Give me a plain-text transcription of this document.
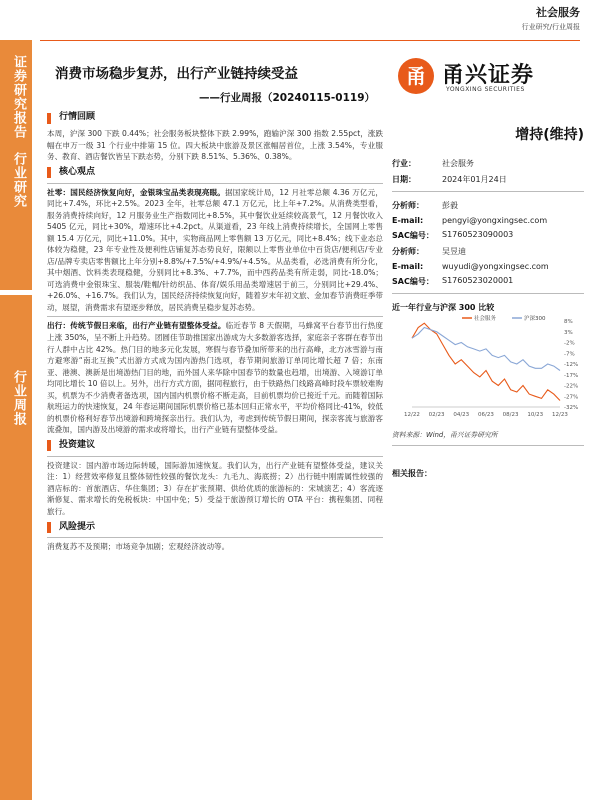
社会服务
行业研究/行业周报
证券研究报告
行业研究
行业周报
消费市场稳步复苏，出行产业链持续受益
——行业周报（20240115-0119）
甬 甬兴证券
YONGXING SECURITIES
行情回顾
本周，沪深 300 下跌 0.44%；社会服务板块整体下跌 2.99%，跑输沪深 300 指数 2.55pct，涨跌幅在申万一级 31 个行业中排第 15 位。四大板块中旅游及景区涨幅居首位，上涨 3.54%，专业服务、教育、酒店餐饮皆呈下跌态势，分别下跌 8.51%、5.36%、0.38%。
核心观点
社零：国民经济恢复向好，金银珠宝品类表现亮眼。据国家统计局，12 月社零总额 4.36 万亿元，同比+7.4%，环比+2.5%。2023 全年，社零总额 47.1 万亿元，比上年+7.2%。从消费类型看，服务消费持续向好，12 月服务业生产指数同比+8.5%，其中餐饮业延续较高景气，12 月餐饮收入 5405 亿元，同比+30%，增速环比+4.2pct。从渠道看，23 年线上消费持续增长，全国网上零售额 15.4 万亿元，同比+11.0%。其中，实物商品网上零售额 13 万亿元，同比+8.4%；线下业态总体较为稳健，23 年专业性及便利性店铺复苏态势良好，限额以上零售业单位中百货店/便利店/专业店/品牌专卖店零售额比上年分别+8.8%/+7.5%/+4.9%/+4.5%。从品类看，必选消费有所分化，其中烟酒、饮料类表现稳健，分别同比+8.3%、+7.7%，而中西药品类有所走弱，同比-18.0%；可选消费中金银珠宝、服装/鞋帽/针纺织品、体育/娱乐用品类增速居于前三，分别同比+29.4%、+26.0%、+16.7%。我们认为，国民经济持续恢复向好，随着岁末年初文旅、金加春节消费旺季带动，展望，消费需求有望逐步释放，居民消费呈稳步复苏态势。
出行：传统节假日来临，出行产业链有望整体受益。临近春节 8 天假期，马蜂窝平台春节出行热度上涨 350%，呈不断上升趋势。团圆佳节助推国家出游成为大多数游客选择，家庭亲子客群在春节出行人群中占比 42%。热门目的地多元化发展，寒假与春节叠加所带来的出行高峰，北方冰雪游与南方避寒游“南北互换”式出游方式成为国内游热门选项，春节期间旅游订单同比增长超 7 倍；东南亚、港澳、澳新是出境游热门目的地，而外国人来华除中国春节的数量也趋增，出境游、入境游订单均同比增长 10 倍以上。另外，出行方式方面，据同程旅行，由于铁路热门线路高峰时段车票较难购买，机票为不少消费者备选项，国内国内机票价格不断走高，目前机票均价已接近千元。而随着国际航班运力的快速恢复，24 年春运期间国际机票价格已基本回归正常水平，平均价格同比-41%，较低的机票价格利好春节出境游和跨境探亲出行。我们认为，考虑到传统节假日期间，探亲客流与旅游客流叠加，国内游及出境游的需求或将增长，出行产业链有望整体受益。
投资建议
投资建议：国内游市场边际转暖，国际游加速恢复。我们认为，出行产业链有望整体受益，建议关注：1）经营效率修复且整体韧性较强的餐饮龙头：九毛九、海底捞；2）出行链中刚需属性较强的酒店标的：首旅酒店、华住集团；3）存在扩张预期、供给优质的旅游标的：宋城演艺；4）客流逐渐修复、需求增长的免税板块：中国中免；5）受益于旅游预订增长的 OTA 平台：携程集团、同程旅行。
风险提示
消费复苏不及预期；市场竞争加剧；宏观经济波动等。
增持(维持)
行业：	社会服务
日期：	2024年01月24日
分析师：	彭毅
E-mail:	pengyi@yongxingsec.com
SAC编号：	S1760523090003
分析师：	吴昱迪
E-mail:	wuyudi@yongxingsec.com
SAC编号：	S1760523020001
近一年行业与沪深 300 比较
社会服务	沪深300	8%
3%
-2%
-7%
-12%
-17%
-22%
-27%
-32%
12/22 02/23 04/23 06/23 08/23 10/23 12/23
资料来源：Wind，甬兴证券研究所
相关报告：
